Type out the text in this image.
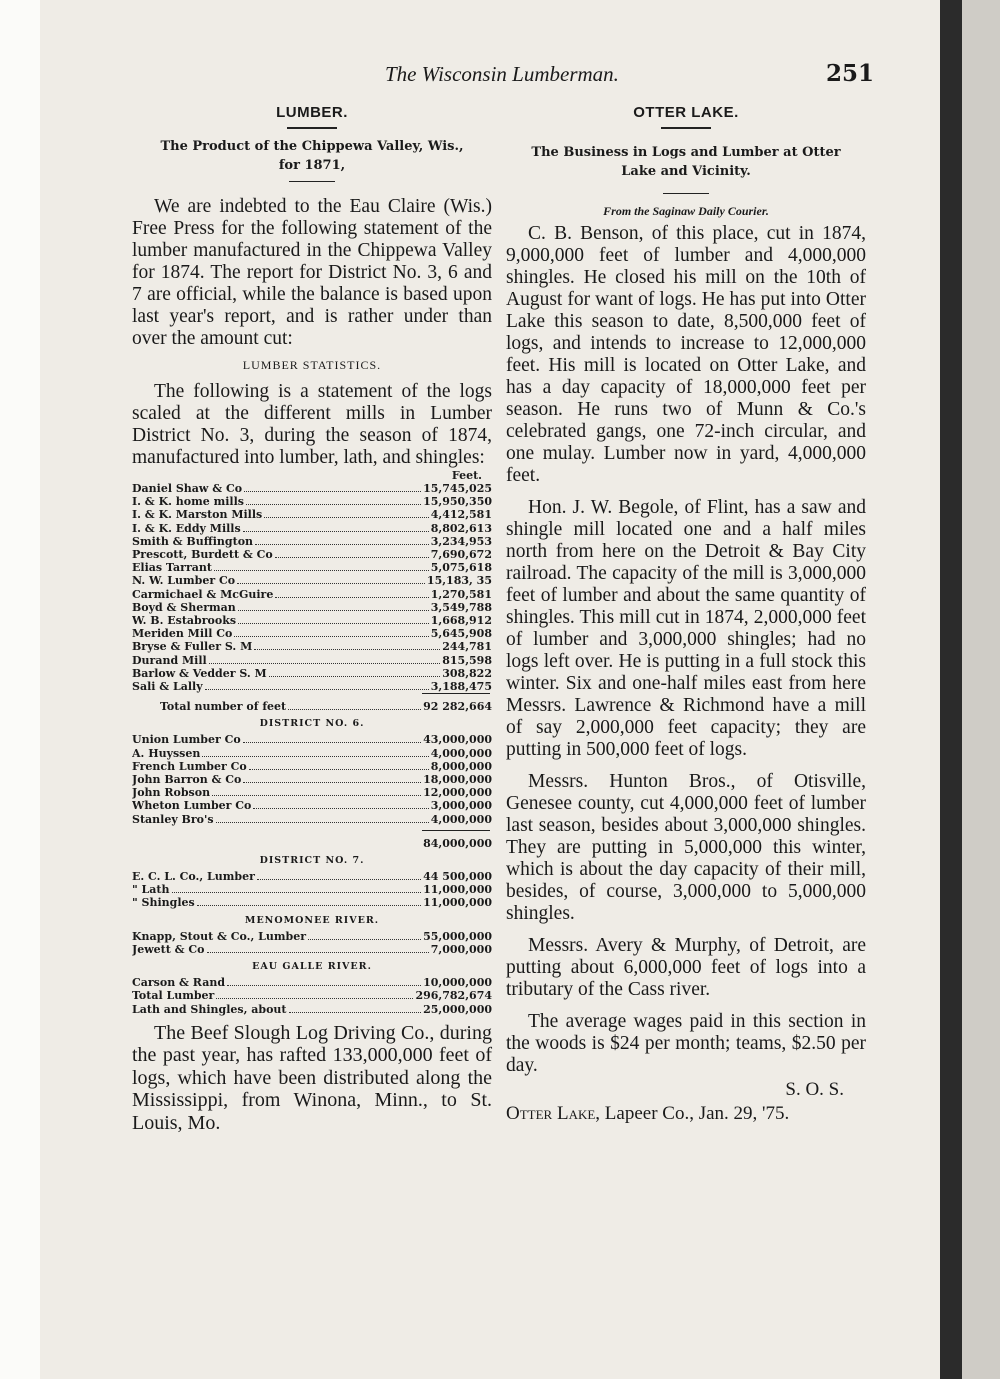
The Wisconsin Lumberman.	251
LUMBER.
The Product of the Chippewa Valley, Wis.,
for 1871,

We are indebted to the Eau Claire (Wis.) Free Press for the following statement of the lumber manufactured in the Chippewa Valley for 1874. The report for District No. 3, 6 and 7 are official, while the balance is based upon last year's report, and is rather under than over the amount cut:

LUMBER STATISTICS.

The following is a statement of the logs scaled at the different mills in Lumber District No. 3, during the season of 1874, manufactured into lumber, lath, and shingles:

Feet.
Daniel Shaw & Co	15,745,025
I. & K. home mills	15,950,350
I. & K. Marston Mills	4,412,581
I. & K. Eddy Mills	8,802,613
Smith & Buffington	3,234,953
Prescott, Burdett & Co	7,690,672
Elias Tarrant	5,075,618
N. W. Lumber Co	15,183, 35
Carmichael & McGuire	1,270,581
Boyd & Sherman	3,549,788
W. B. Estabrooks	1,668,912
Meriden Mill Co	5,645,908
Bryse & Fuller S. M	244,781
Durand Mill	815,598
Barlow & Vedder S. M	308,822
Sali & Lally	3,188,475
Total number of feet	92 282,664
DISTRICT NO. 6.
Union Lumber Co	43,000,000
A. Huyssen	4,000,000
French Lumber Co	8,000,000
John Barron & Co	18,000,000
John Robson	12,000,000
Wheton Lumber Co	3,000,000
Stanley Bro's	4,000,000
84,000,000
DISTRICT NO. 7.
E. C. L. Co., Lumber	44 500,000
" Lath	11,000,000
" Shingles	11,000,000
MENOMONEE RIVER.
Knapp, Stout & Co., Lumber	55,000,000
Jewett & Co	7,000,000
EAU GALLE RIVER.
Carson & Rand	10,000,000
Total Lumber	296,782,674
Lath and Shingles, about	25,000,000

The Beef Slough Log Driving Co., during the past year, has rafted 133,000,000 feet of logs, which have been distributed along the Mississippi, from Winona, Minn., to St. Louis, Mo.

OTTER LAKE.
The Business in Logs and Lumber at Otter
Lake and Vicinity.
From the Saginaw Daily Courier.

C. B. Benson, of this place, cut in 1874, 9,000,000 feet of lumber and 4,000,000 shingles. He closed his mill on the 10th of August for want of logs. He has put into Otter Lake this season to date, 8,500,000 feet of logs, and intends to increase to 12,000,000 feet. His mill is located on Otter Lake, and has a day capacity of 18,000,000 feet per season. He runs two of Munn & Co.'s celebrated gangs, one 72-inch circular, and one mulay. Lumber now in yard, 4,000,000 feet.

Hon. J. W. Begole, of Flint, has a saw and shingle mill located one and a half miles north from here on the Detroit & Bay City railroad. The capacity of the mill is 3,000,000 feet of lumber and about the same quantity of shingles. This mill cut in 1874, 2,000,000 feet of lumber and 3,000,000 shingles; had no logs left over. He is putting in a full stock this winter. Six and one-half miles east from here Messrs. Lawrence & Richmond have a mill of say 2,000,000 feet capacity; they are putting in 500,000 feet of logs.

Messrs. Hunton Bros., of Otisville, Genesee county, cut 4,000,000 feet of lumber last season, besides about 3,000,000 shingles. They are putting in 5,000,000 this winter, which is about the day capacity of their mill, besides, of course, 3,000,000 to 5,000,000 shingles.

Messrs. Avery & Murphy, of Detroit, are putting about 6,000,000 feet of logs into a tributary of the Cass river.

The average wages paid in this section in the woods is $24 per month; teams, $2.50 per day.

S. O. S.
Otter Lake, Lapeer Co., Jan. 29, '75.
